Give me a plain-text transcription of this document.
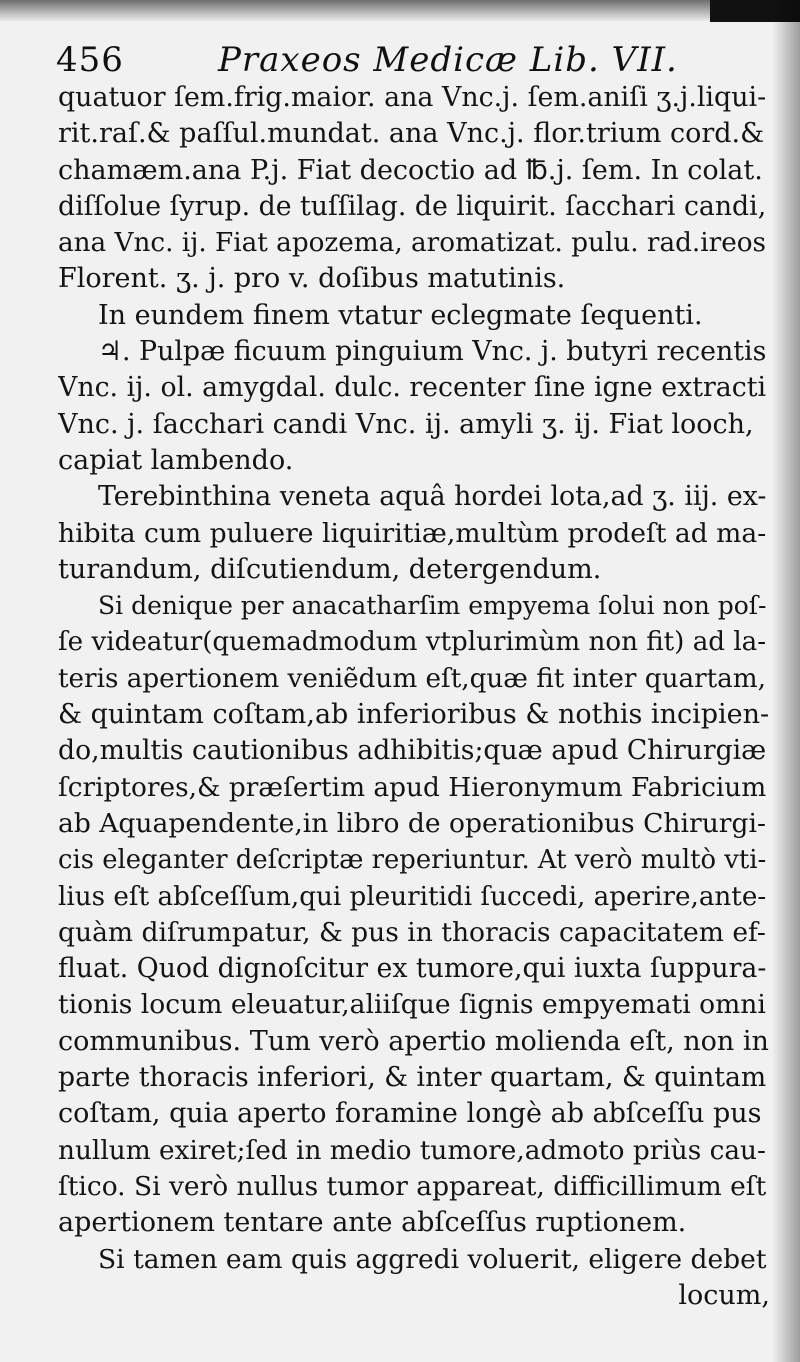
456	Praxeos Medicæ Lib. VII.
quatuor ſem.frig.maior. ana Vnc.j. ſem.aniſi ʒ.j.liqui-
rit.raſ.& paſſul.mundat. ana Vnc.j. flor.trium cord.&
chamæm.ana P.j. Fiat decoctio ad ℔.j. ſem. In colat.
diſſolue ſyrup. de tuſſilag. de liquirit. ſacchari candi,
ana Vnc. ij. Fiat apozema, aromatizat. pulu. rad.ireos
Florent. ʒ. j. pro v. doſibus matutinis.
In eundem finem vtatur eclegmate ſequenti.
♃. Pulpæ ficuum pinguium Vnc. j. butyri recentis
Vnc. ij. ol. amygdal. dulc. recenter ſine igne extracti
Vnc. j. ſacchari candi Vnc. ij. amyli ʒ. ij. Fiat looch,
capiat lambendo.
Terebinthina veneta aquâ hordei lota,ad ʒ. iij. ex-
hibita cum puluere liquiritiæ,multùm prodeſt ad ma-
turandum, diſcutiendum, detergendum.
Si denique per anacatharſim empyema ſolui non poſ-
ſe videatur(quemadmodum vtplurimùm non fit) ad la-
teris apertionem veniẽdum eſt,quæ fit inter quartam,
& quintam coſtam,ab inferioribus & nothis incipien-
do,multis cautionibus adhibitis;quæ apud Chirurgiæ
ſcriptores,& præſertim apud Hieronymum Fabricium
ab Aquapendente,in libro de operationibus Chirurgi-
cis eleganter deſcriptæ reperiuntur. At verò multò vti-
lius eſt abſceſſum,qui pleuritidi ſuccedi, aperire,ante-
quàm diſrumpatur, & pus in thoracis capacitatem ef-
fluat. Quod dignoſcitur ex tumore,qui iuxta ſuppura-
tionis locum eleuatur,aliiſque ſignis empyemati omni
communibus. Tum verò apertio molienda eſt, non in
parte thoracis inferiori, & inter quartam, & quintam
coſtam, quia aperto foramine longè ab abſceſſu pus
nullum exiret;ſed in medio tumore,admoto priùs cau-
ſtico. Si verò nullus tumor appareat, difficillimum eſt
apertionem tentare ante abſceſſus ruptionem.
Si tamen eam quis aggredi voluerit, eligere debet
locum,
